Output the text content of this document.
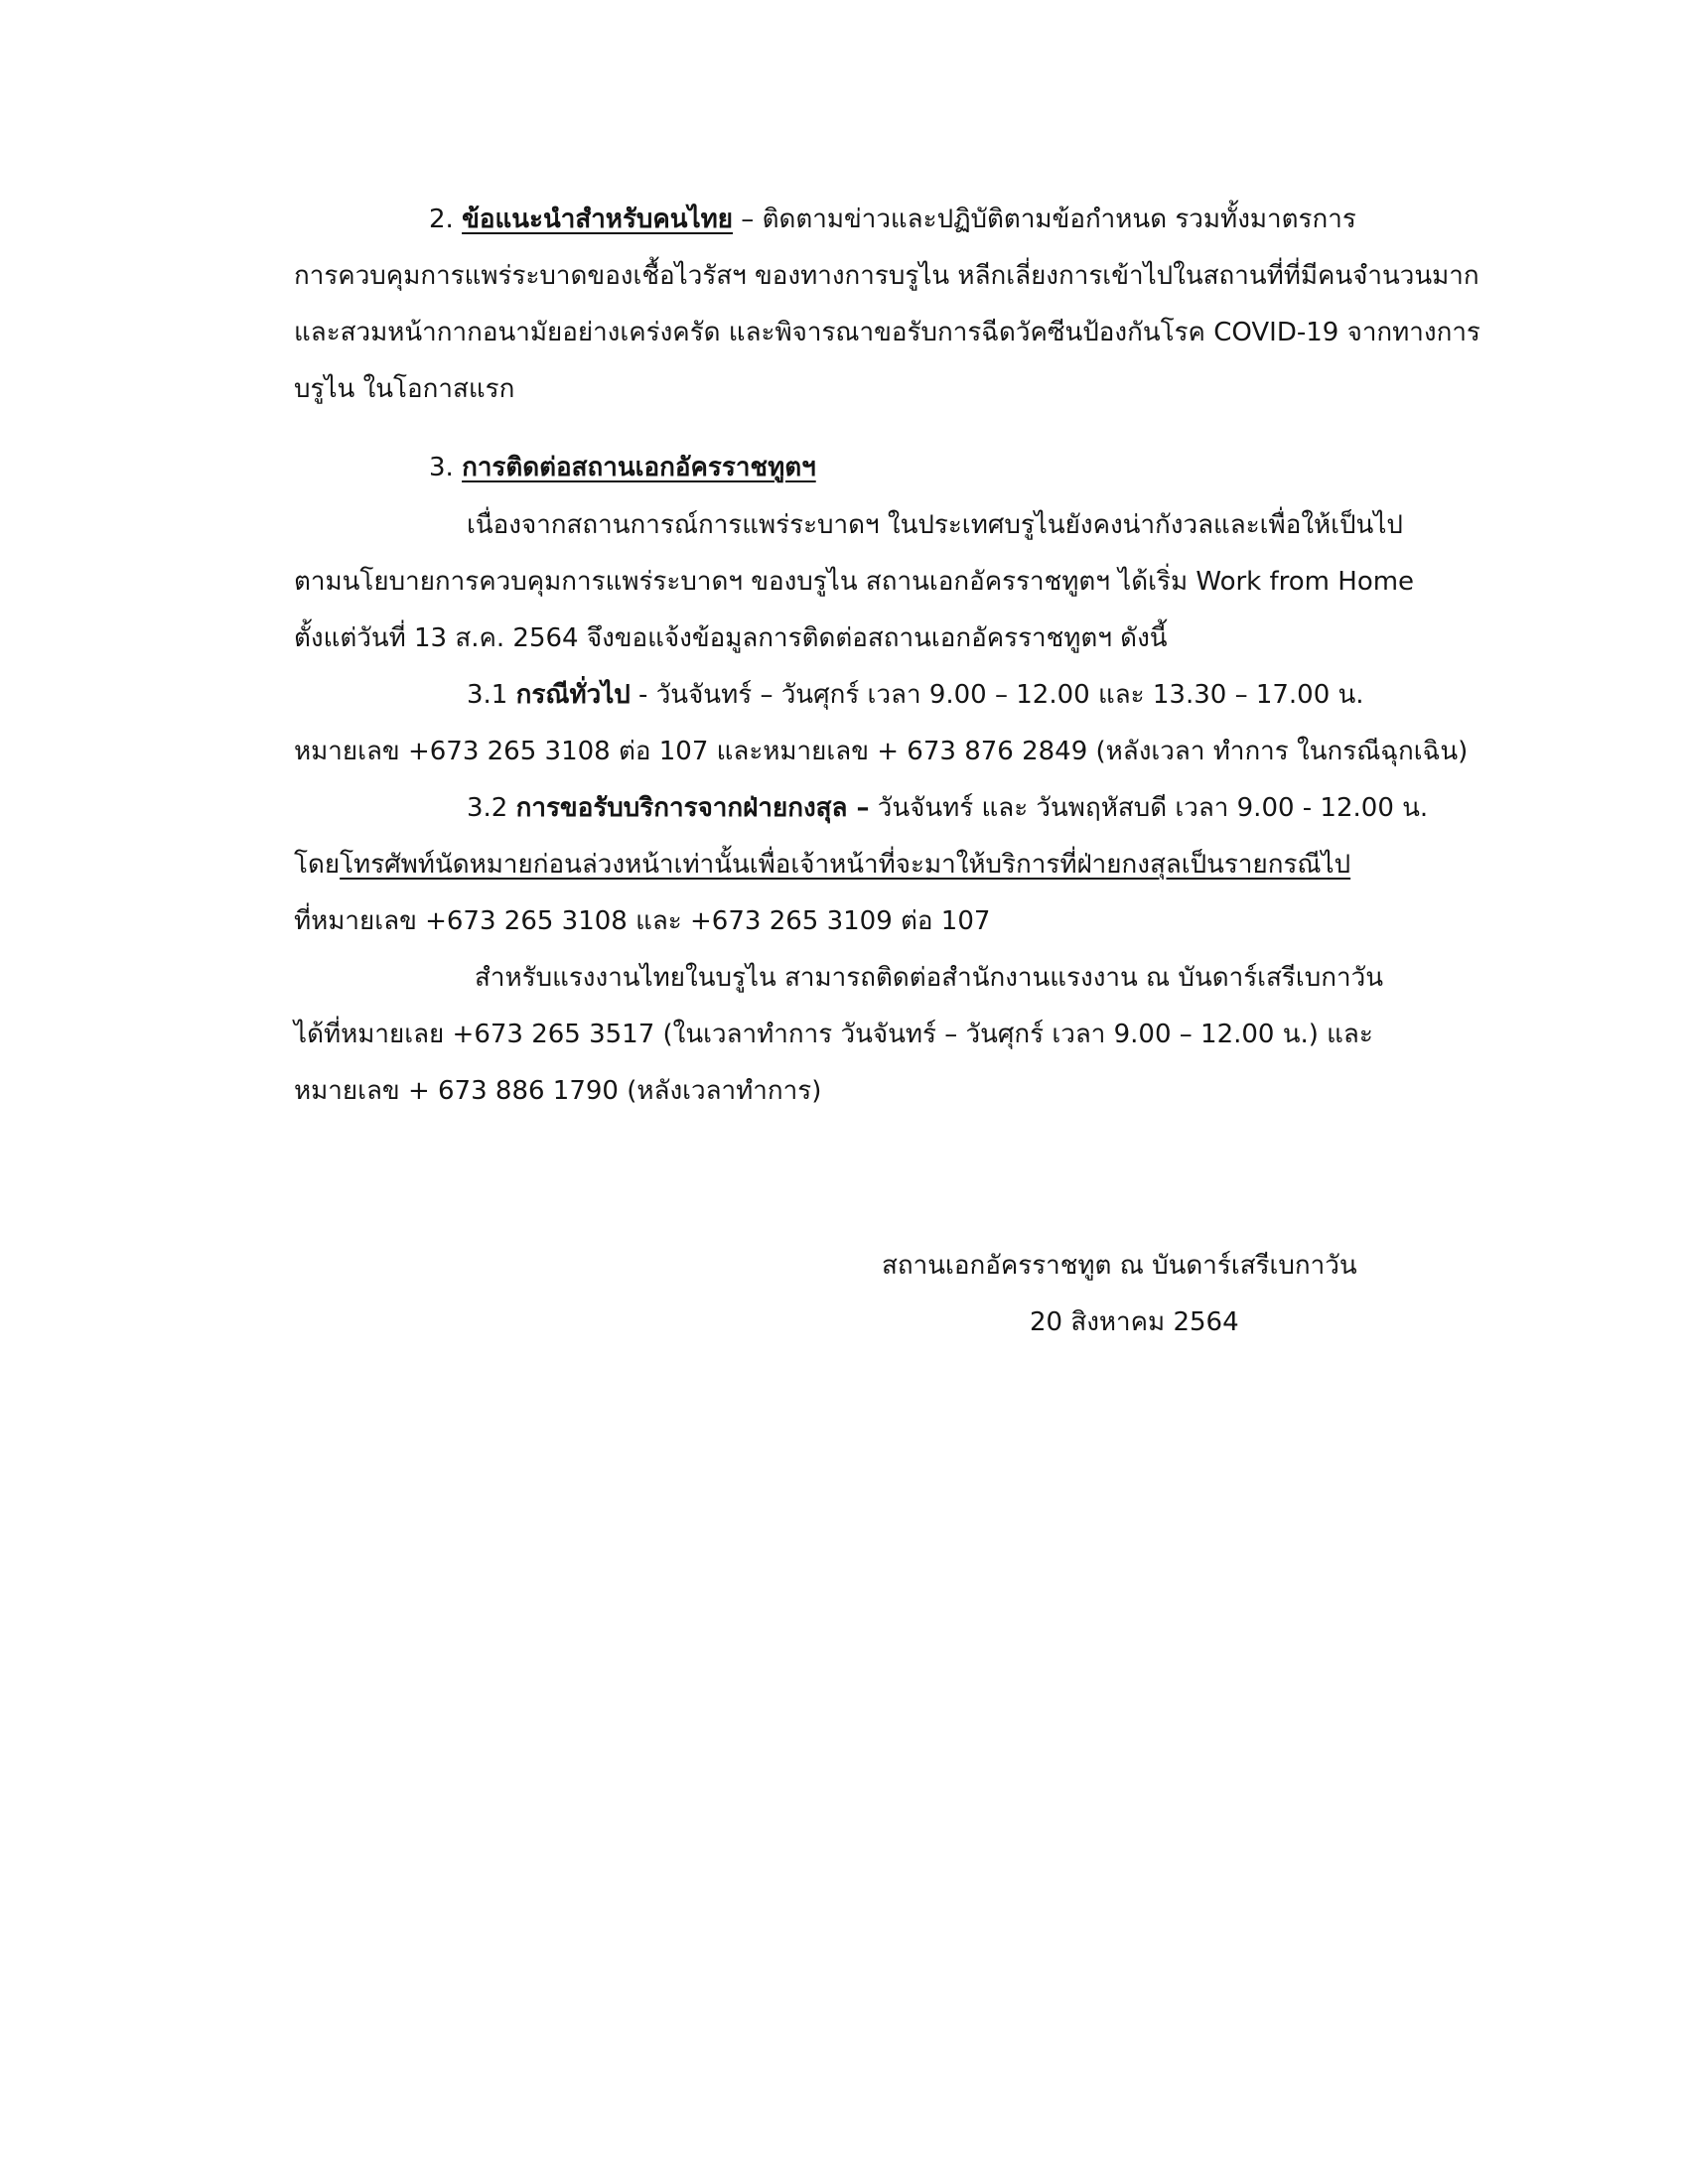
2. ข้อแนะนำสำหรับคนไทย – ติดตามข่าวและปฏิบัติตามข้อกำหนด รวมทั้งมาตรการ
การควบคุมการแพร่ระบาดของเชื้อไวรัสฯ ของทางการบรูไน หลีกเลี่ยงการเข้าไปในสถานที่ที่มีคนจำนวนมาก
และสวมหน้ากากอนามัยอย่างเคร่งครัด และพิจารณาขอรับการฉีดวัคซีนป้องกันโรค COVID-19 จากทางการ
บรูไน ในโอกาสแรก
3. การติดต่อสถานเอกอัครราชทูตฯ
เนื่องจากสถานการณ์การแพร่ระบาดฯ ในประเทศบรูไนยังคงน่ากังวลและเพื่อให้เป็นไป
ตามนโยบายการควบคุมการแพร่ระบาดฯ ของบรูไน สถานเอกอัครราชทูตฯ ได้เริ่ม Work from Home
ตั้งแต่วันที่ 13 ส.ค. 2564 จึงขอแจ้งข้อมูลการติดต่อสถานเอกอัครราชทูตฯ ดังนี้
3.1 กรณีทั่วไป - วันจันทร์ – วันศุกร์ เวลา 9.00 – 12.00 และ 13.30 – 17.00 น.
หมายเลข +673 265 3108 ต่อ 107 และหมายเลข + 673 876 2849 (หลังเวลา ทำการ ในกรณีฉุกเฉิน)
3.2 การขอรับบริการจากฝ่ายกงสุล – วันจันทร์ และ วันพฤหัสบดี เวลา 9.00 - 12.00 น.
โดยโทรศัพท์นัดหมายก่อนล่วงหน้าเท่านั้นเพื่อเจ้าหน้าที่จะมาให้บริการที่ฝ่ายกงสุลเป็นรายกรณีไป
ที่หมายเลข +673 265 3108 และ +673 265 3109 ต่อ 107
สำหรับแรงงานไทยในบรูไน สามารถติดต่อสำนักงานแรงงาน ณ บันดาร์เสรีเบกาวัน
ได้ที่หมายเลย +673 265 3517 (ในเวลาทำการ วันจันทร์ – วันศุกร์ เวลา 9.00 – 12.00 น.) และ
หมายเลข + 673 886 1790 (หลังเวลาทำการ)
สถานเอกอัครราชทูต ณ บันดาร์เสรีเบกาวัน
20 สิงหาคม 2564
